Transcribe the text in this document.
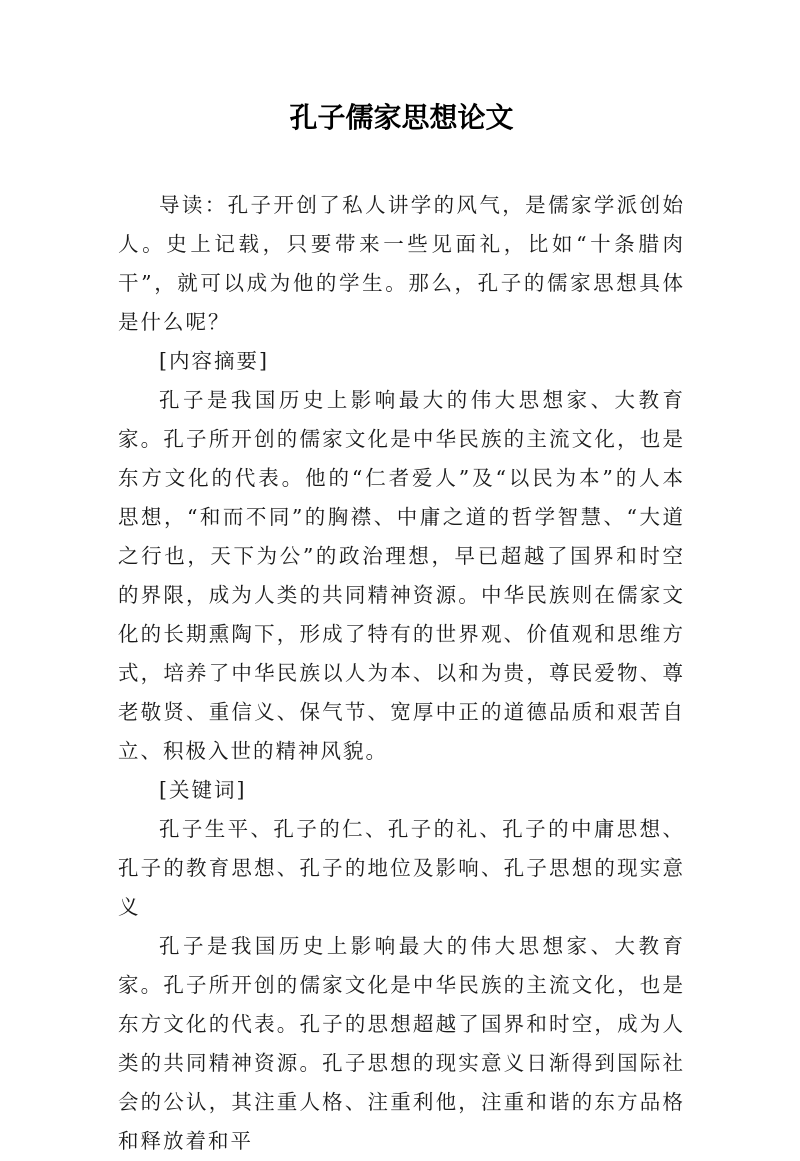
孔子儒家思想论文

导读：孔子开创了私人讲学的风气，是儒家学派创始人。史上记载，只要带来一些见面礼，比如“十条腊肉干”，就可以成为他的学生。那么，孔子的儒家思想具体是什么呢？

[内容摘要]

孔子是我国历史上影响最大的伟大思想家、大教育家。孔子所开创的儒家文化是中华民族的主流文化，也是东方文化的代表。他的“仁者爱人”及“以民为本”的人本思想，“和而不同”的胸襟、中庸之道的哲学智慧、“大道之行也，天下为公”的政治理想，早已超越了国界和时空的界限，成为人类的共同精神资源。中华民族则在儒家文化的长期熏陶下，形成了特有的世界观、价值观和思维方式，培养了中华民族以人为本、以和为贵，尊民爱物、尊老敬贤、重信义、保气节、宽厚中正的道德品质和艰苦自立、积极入世的精神风貌。

[关键词]

孔子生平、孔子的仁、孔子的礼、孔子的中庸思想、孔子的教育思想、孔子的地位及影响、孔子思想的现实意义

孔子是我国历史上影响最大的伟大思想家、大教育家。孔子所开创的儒家文化是中华民族的主流文化，也是东方文化的代表。孔子的思想超越了国界和时空，成为人类的共同精神资源。孔子思想的现实意义日渐得到国际社会的公认，其注重人格、注重利他，注重和谐的东方品格和释放着和平
